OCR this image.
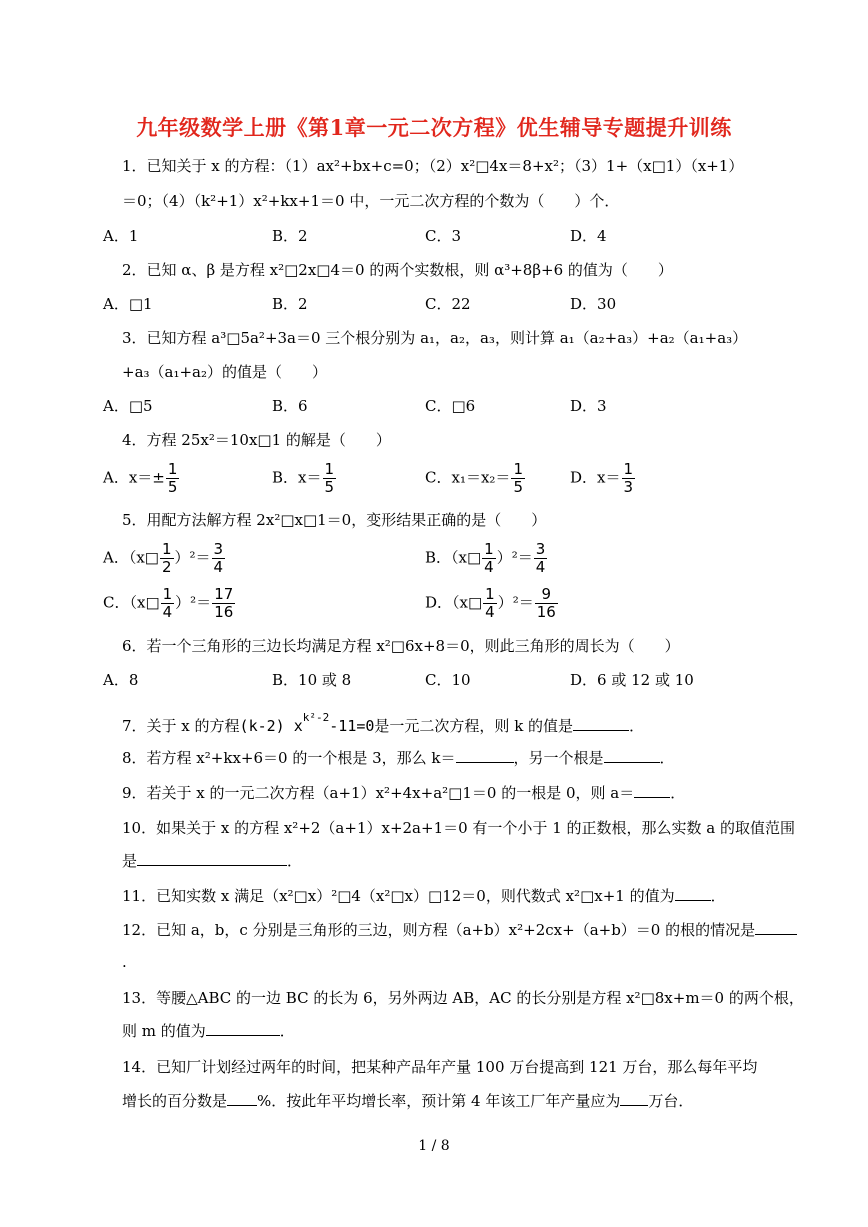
九年级数学上册《第1章一元二次方程》优生辅导专题提升训练
1．已知关于 x 的方程：（1）ax²+bx+c=0；（2）x²□4x＝8+x²；（3）1+（x□1）（x+1）
＝0；（4）（k²+1）x²+kx+1＝0 中，一元二次方程的个数为（　　）个．
A．1	B．2	C．3	D．4
2．已知 α、β 是方程 x²□2x□4＝0 的两个实数根，则 α³+8β+6 的值为（　　）
A．□1	B．2	C．22	D．30
3．已知方程 a³□5a²+3a＝0 三个根分别为 a₁，a₂，a₃，则计算 a₁（a₂+a₃）+a₂（a₁+a₃）
+a₃（a₁+a₂）的值是（　　）
A．□5	B．6	C．□6	D．3
4．方程 25x²＝10x□1 的解是（　　）
A．$x=\pm \frac{1}{5}$	B．$x= \frac{1}{5}$	C．$x_1=x_2= \frac{1}{5}$	D．$x= \frac{1}{3}$
5．用配方法解方程 2x²□x□1＝0，变形结果正确的是（　　）
A．（x□ $\frac{1}{2} )^2= \frac{3}{4}$	B．（x□ $\frac{1}{4} )^2= \frac{3}{4}$
C．（x□ $\frac{1}{4} )^2= \frac{17}{16}$	D．（x□ $\frac{1}{4} )^2= \frac{9}{16}$
6．若一个三角形的三边长均满足方程 x²□6x+8＝0，则此三角形的周长为（　　）
A．8	B．10 或 8	C．10	D．6 或 12 或 10
7．关于 x 的方程(k-2) $x^{k^2-2}-11=0$是一元二次方程，则 k 的值是	．
8．若方程 x²+kx+6＝0 的一个根是 3，那么 k＝	，另一个根是	．
9．若关于 x 的一元二次方程（a+1）x²+4x+a²□1＝0 的一根是 0，则 a＝ ．
10．如果关于 x 的方程 x²+2（a+1）x+2a+1＝0 有一个小于 1 的正数根，那么实数 a 的取值范围
是	．
11．已知实数 x 满足（x²□x）²□4（x²□x）□12＝0，则代数式 x²□x+1 的值为 ．
12．已知 a，b，c 分别是三角形的三边，则方程（a+b）x²+2cx+（a+b）＝0 的根的情况是
.
13．等腰△ABC 的一边 BC 的长为 6，另外两边 AB，AC 的长分别是方程 x²□8x+m＝0 的两个根，
则 m 的值为	．
14．已知厂计划经过两年的时间，把某种产品年产量 100 万台提高到 121 万台，那么每年平均
增长的百分数是 %．按此年平均增长率，预计第 4 年该工厂年产量应为 万台．
1 / 8
